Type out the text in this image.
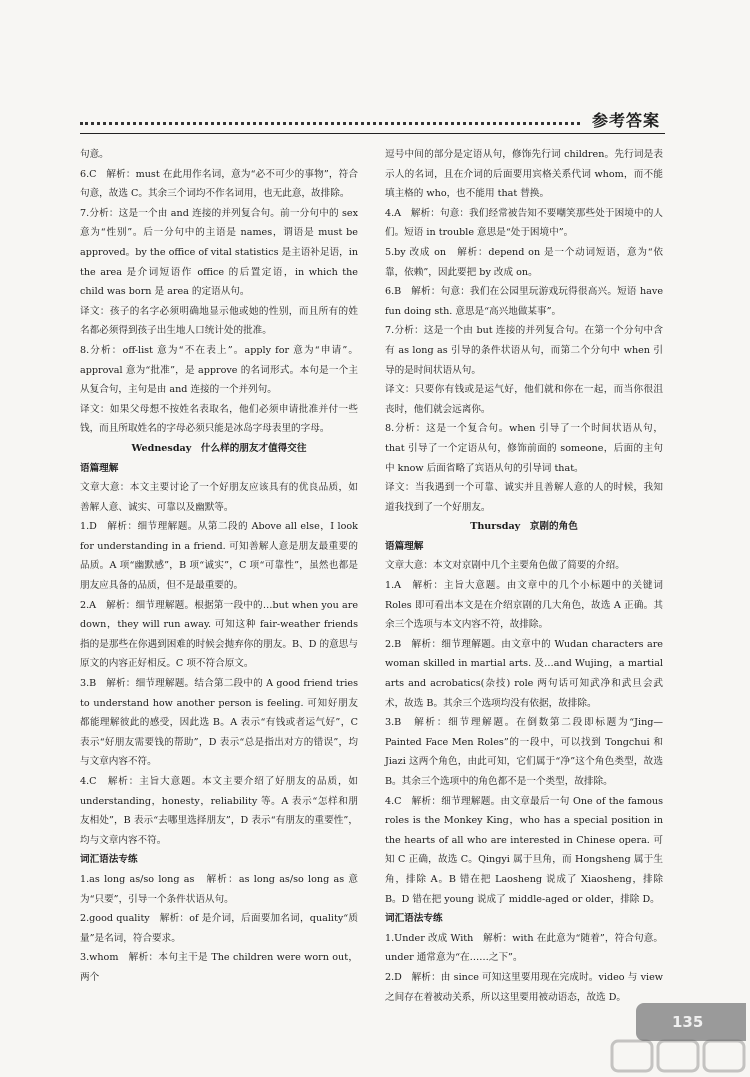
参考答案

句意。

6.C　解析：must 在此用作名词，意为“必不可少的事物”，符合句意，故选 C。其余三个词均不作名词用，也无此意，故排除。

7.分析：这是一个由 and 连接的并列复合句。前一分句中的 sex 意为“性别”。后一分句中的主语是 names，谓语是 must be approved。by the office of vital statistics 是主语补足语，in the area 是介词短语作 office 的后置定语，in which the child was born 是 area 的定语从句。

译文：孩子的名字必须明确地显示他或她的性别，而且所有的姓名都必须得到孩子出生地人口统计处的批准。

8.分析：off-list 意为“不在表上”。apply for 意为“申请”。approval 意为“批准”，是 approve 的名词形式。本句是一个主从复合句，主句是由 and 连接的一个并列句。

译文：如果父母想不按姓名表取名，他们必须申请批准并付一些钱，而且所取姓名的字母必须只能是冰岛字母表里的字母。

Wednesday　什么样的朋友才值得交往

语篇理解

文章大意：本文主要讨论了一个好朋友应该具有的优良品质，如善解人意、诚实、可靠以及幽默等。

1.D　解析：细节理解题。从第二段的 Above all else，I look for understanding in a friend. 可知善解人意是朋友最重要的品质。A 项“幽默感”，B 项“诚实”，C 项“可靠性”，虽然也都是朋友应具备的品质，但不是最重要的。

2.A　解析：细节理解题。根据第一段中的…but when you are down，they will run away. 可知这种 fair-weather friends 指的是那些在你遇到困难的时候会抛弃你的朋友。B、D 的意思与原文的内容正好相反。C 项不符合原文。

3.B　解析：细节理解题。结合第二段中的 A good friend tries to understand how another person is feeling. 可知好朋友都能理解彼此的感受，因此选 B。A 表示“有钱或者运气好”，C 表示“好朋友需要钱的帮助”，D 表示“总是指出对方的错误”，均与文章内容不符。

4.C　解析：主旨大意题。本文主要介绍了好朋友的品质，如 understanding，honesty，reliability 等。A 表示“怎样和朋友相处”，B 表示“去哪里选择朋友”，D 表示“有朋友的重要性”，均与文章内容不符。

词汇语法专练

1.as long as/so long as　解析：as long as/so long as 意为“只要”，引导一个条件状语从句。

2.good quality　解析：of 是介词，后面要加名词，quality“质量”是名词，符合要求。

3.whom　解析：本句主干是 The children were worn out，两个

逗号中间的部分是定语从句，修饰先行词 children。先行词是表示人的名词，且在介词的后面要用宾格关系代词 whom，而不能填主格的 who，也不能用 that 替换。

4.A　解析：句意：我们经常被告知不要嘲笑那些处于困境中的人们。短语 in trouble 意思是“处于困境中”。

5.by 改成 on　解析：depend on 是一个动词短语，意为“依靠，依赖”，因此要把 by 改成 on。

6.B　解析：句意：我们在公园里玩游戏玩得很高兴。短语 have fun doing sth. 意思是“高兴地做某事”。

7.分析：这是一个由 but 连接的并列复合句。在第一个分句中含有 as long as 引导的条件状语从句，而第二个分句中 when 引导的是时间状语从句。

译文：只要你有钱或是运气好，他们就和你在一起，而当你很沮丧时，他们就会远离你。

8.分析：这是一个复合句。when 引导了一个时间状语从句，that 引导了一个定语从句，修饰前面的 someone，后面的主句中 know 后面省略了宾语从句的引导词 that。

译文：当我遇到一个可靠、诚实并且善解人意的人的时候，我知道我找到了一个好朋友。

Thursday　京剧的角色

语篇理解

文章大意：本文对京剧中几个主要角色做了简要的介绍。

1.A　解析：主旨大意题。由文章中的几个小标题中的关键词 Roles 即可看出本文是在介绍京剧的几大角色，故选 A 正确。其余三个选项与本文内容不符，故排除。

2.B　解析：细节理解题。由文章中的 Wudan characters are woman skilled in martial arts. 及…and Wujing，a martial arts and acrobatics(杂技) role 两句话可知武净和武旦会武术，故选 B。其余三个选项均没有依据，故排除。

3.B　解析：细节理解题。在倒数第二段即标题为“Jing—Painted Face Men Roles”的一段中，可以找到 Tongchui 和 Jiazi 这两个角色，由此可知，它们属于“净”这个角色类型，故选 B。其余三个选项中的角色都不是一个类型，故排除。

4.C　解析：细节理解题。由文章最后一句 One of the famous roles is the Monkey King，who has a special position in the hearts of all who are interested in Chinese opera. 可知 C 正确，故选 C。Qingyi 属于旦角，而 Hongsheng 属于生角，排除 A。B 错在把 Laosheng 说成了 Xiaosheng，排除 B。D 错在把 young 说成了 middle-aged or older，排除 D。

词汇语法专练

1.Under 改成 With　解析：with 在此意为“随着”，符合句意。under 通常意为“在……之下”。

2.D　解析：由 since 可知这里要用现在完成时。video 与 view 之间存在着被动关系，所以这里要用被动语态，故选 D。

135
